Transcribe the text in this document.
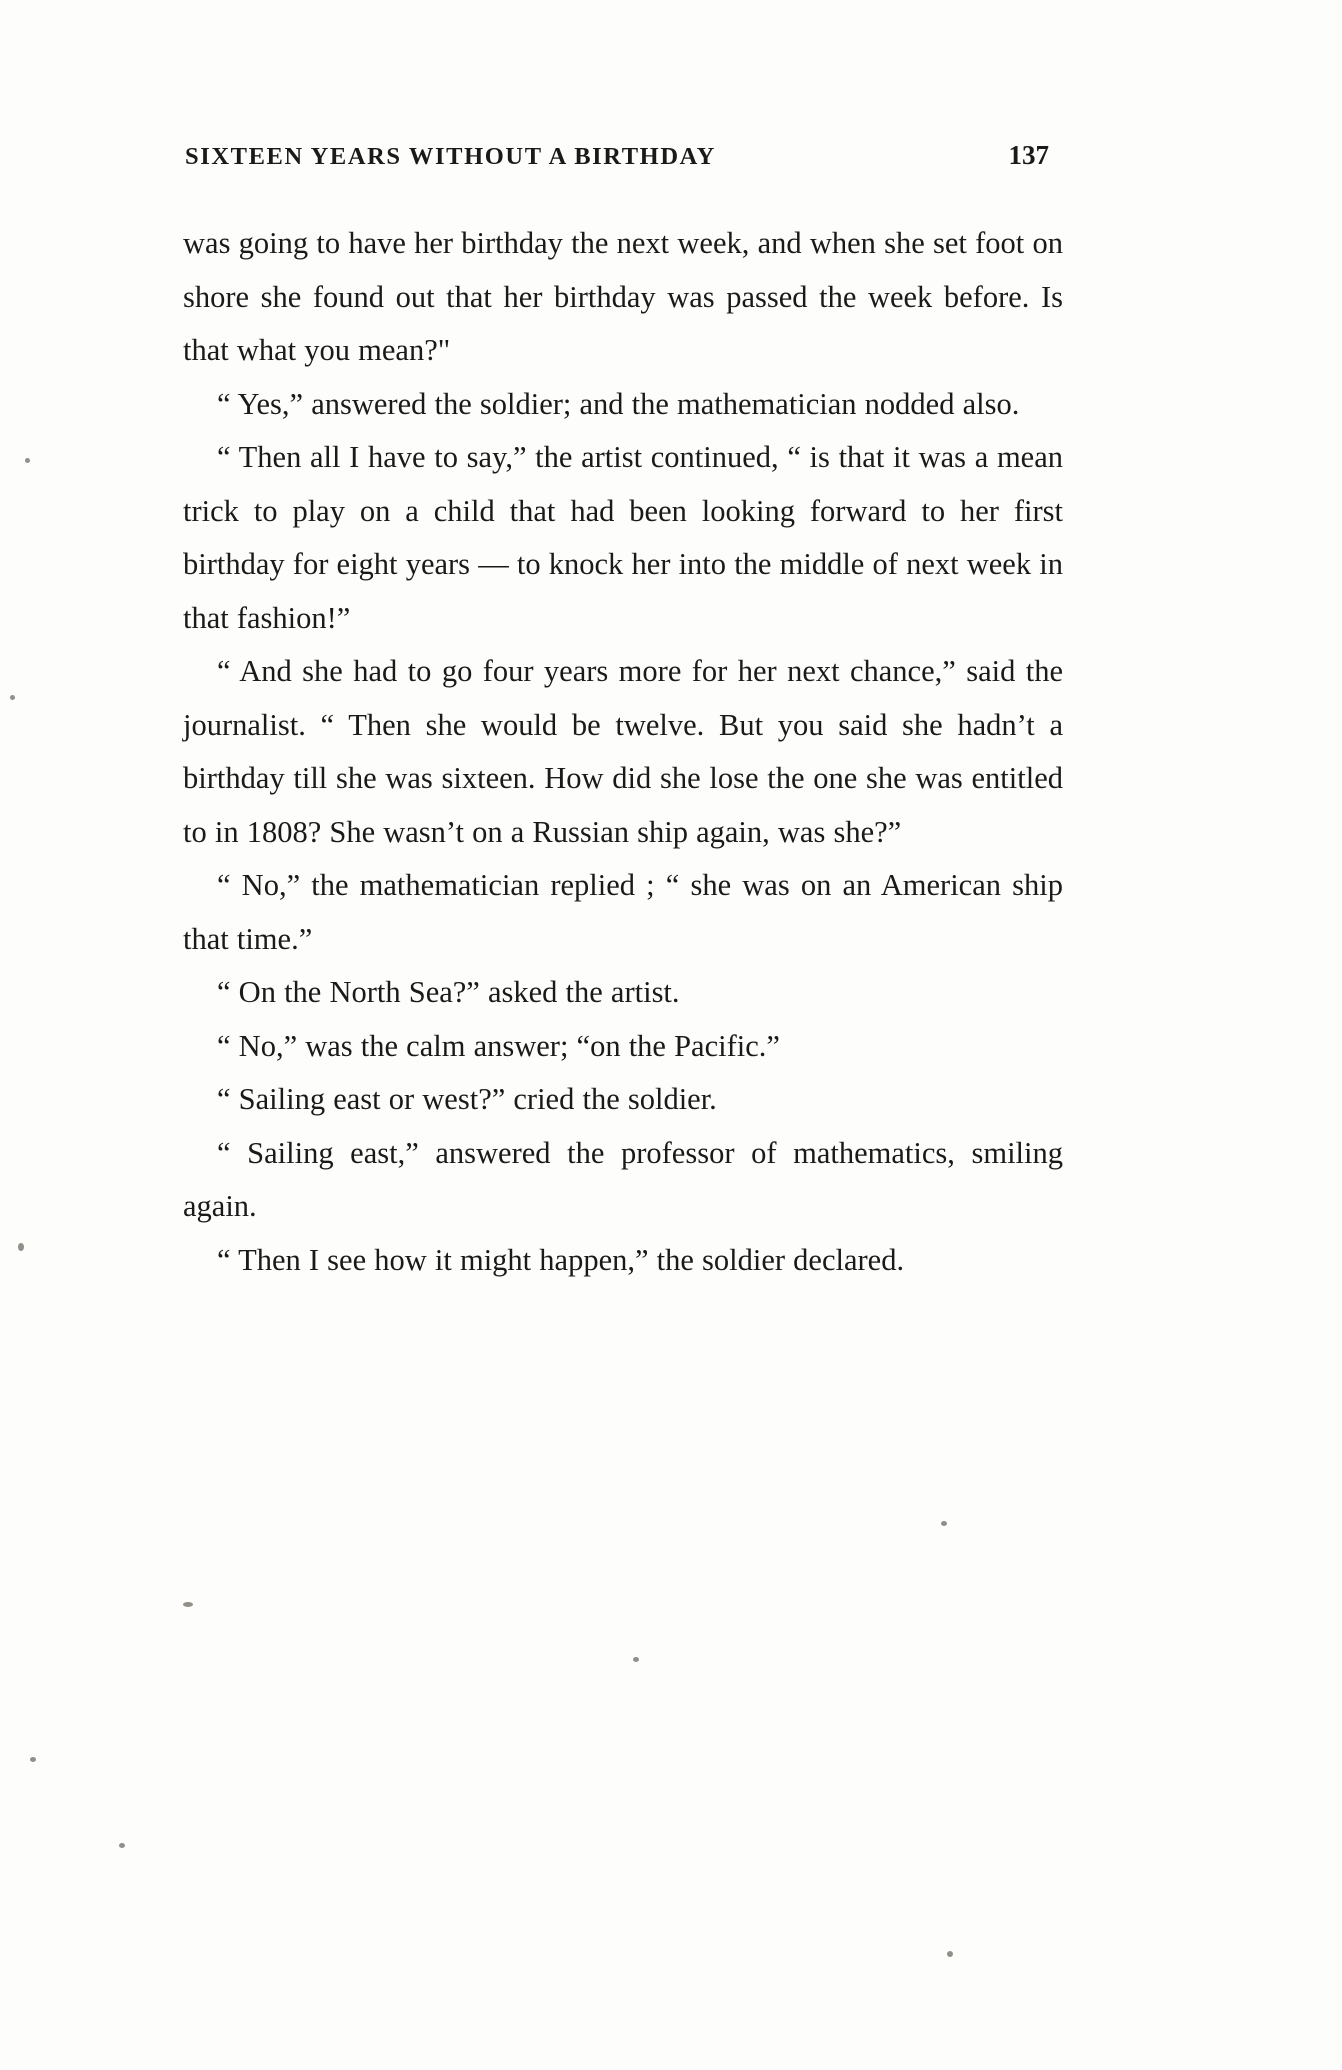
SIXTEEN YEARS WITHOUT A BIRTHDAY	137

was going to have her birthday the next week, and when she set foot on shore she found out that her birthday was passed the week before. Is that what you mean?"

“ Yes,” answered the soldier; and the mathematician nodded also.

“ Then all I have to say,” the artist continued, “ is that it was a mean trick to play on a child that had been looking forward to her first birthday for eight years — to knock her into the middle of next week in that fashion!”

“ And she had to go four years more for her next chance,” said the journalist. “ Then she would be twelve. But you said she hadn’t a birthday till she was sixteen. How did she lose the one she was entitled to in 1808? She wasn’t on a Russian ship again, was she?”

“ No,” the mathematician replied ; “ she was on an American ship that time.”

“ On the North Sea?” asked the artist.

“ No,” was the calm answer; “on the Pacific.”

“ Sailing east or west?” cried the soldier.

“ Sailing east,” answered the professor of mathematics, smiling again.

“ Then I see how it might happen,” the soldier declared.
